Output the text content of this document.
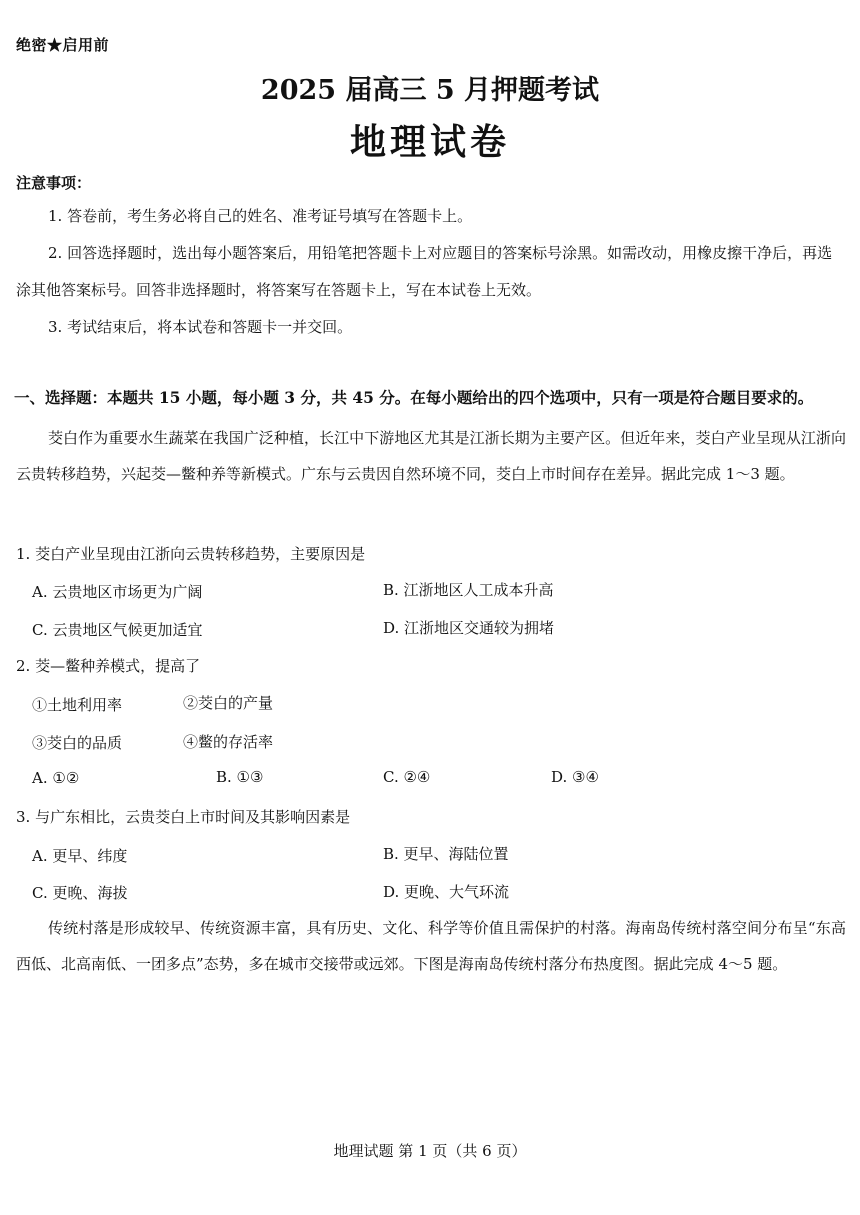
绝密★启用前
2025 届高三 5 月押题考试
地理试卷
注意事项：
1. 答卷前，考生务必将自己的姓名、准考证号填写在答题卡上。
2. 回答选择题时，选出每小题答案后，用铅笔把答题卡上对应题目的答案标号涂黑。如需改动，用橡皮擦干净后，再选涂其他答案标号。回答非选择题时，将答案写在答题卡上，写在本试卷上无效。
3. 考试结束后，将本试卷和答题卡一并交回。
一、选择题：本题共 15 小题，每小题 3 分，共 45 分。在每小题给出的四个选项中，只有一项是符合题目要求的。
茭白作为重要水生蔬菜在我国广泛种植，长江中下游地区尤其是江浙长期为主要产区。但近年来，茭白产业呈现从江浙向云贵转移趋势，兴起茭—鳖种养等新模式。广东与云贵因自然环境不同，茭白上市时间存在差异。据此完成 1～3 题。
1. 茭白产业呈现由江浙向云贵转移趋势，主要原因是
A. 云贵地区市场更为广阔	B. 江浙地区人工成本升高
C. 云贵地区气候更加适宜	D. 江浙地区交通较为拥堵
2. 茭—鳖种养模式，提高了
①土地利用率	②茭白的产量
③茭白的品质	④鳖的存活率
A. ①②	B. ①③	C. ②④	D. ③④
3. 与广东相比，云贵茭白上市时间及其影响因素是
A. 更早、纬度	B. 更早、海陆位置
C. 更晚、海拔	D. 更晚、大气环流
传统村落是形成较早、传统资源丰富，具有历史、文化、科学等价值且需保护的村落。海南岛传统村落空间分布呈“东高西低、北高南低、一团多点”态势，多在城市交接带或远郊。下图是海南岛传统村落分布热度图。据此完成 4～5 题。
地理试题 第 1 页（共 6 页）
